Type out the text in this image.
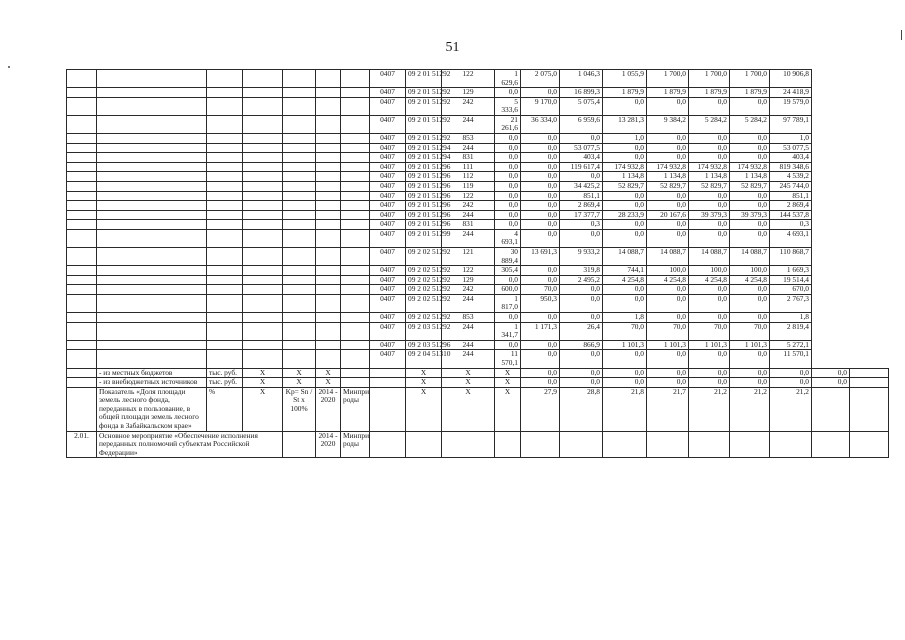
51
							0407	09 2 01 51292	122	1 629,6	2 075,0	1 046,3	1 055,9	1 700,0	1 700,0	1 700,0	10 906,8		
							0407	09 2 01 51292	129	0,0	0,0	16 899,3	1 879,9	1 879,9	1 879,9	1 879,9	24 418,9		
							0407	09 2 01 51292	242	5 333,6	9 170,0	5 075,4	0,0	0,0	0,0	0,0	19 579,0		
							0407	09 2 01 51292	244	21 261,6	36 334,0	6 959,6	13 281,3	9 384,2	5 284,2	5 284,2	97 789,1		
							0407	09 2 01 51292	853	0,0	0,0	0,0	1,0	0,0	0,0	0,0	1,0		
							0407	09 2 01 51294	244	0,0	0,0	53 077,5	0,0	0,0	0,0	0,0	53 077,5		
							0407	09 2 01 51294	831	0,0	0,0	403,4	0,0	0,0	0,0	0,0	403,4		
							0407	09 2 01 51296	111	0,0	0,0	119 617,4	174 932,8	174 932,8	174 932,8	174 932,8	819 348,6		
							0407	09 2 01 51296	112	0,0	0,0	0,0	1 134,8	1 134,8	1 134,8	1 134,8	4 539,2		
							0407	09 2 01 51296	119	0,0	0,0	34 425,2	52 829,7	52 829,7	52 829,7	52 829,7	245 744,0		
							0407	09 2 01 51296	122	0,0	0,0	851,1	0,0	0,0	0,0	0,0	851,1		
							0407	09 2 01 51296	242	0,0	0,0	2 869,4	0,0	0,0	0,0	0,0	2 869,4		
							0407	09 2 01 51296	244	0,0	0,0	17 377,7	28 233,9	20 167,6	39 379,3	39 379,3	144 537,8		
							0407	09 2 01 51296	831	0,0	0,0	0,3	0,0	0,0	0,0	0,0	0,3		
							0407	09 2 01 51299	244	4 693,1	0,0	0,0	0,0	0,0	0,0	0,0	4 693,1		
							0407	09 2 02 51292	121	30 889,4	13 691,3	9 933,2	14 088,7	14 088,7	14 088,7	14 088,7	110 868,7		
							0407	09 2 02 51292	122	305,4	0,0	319,8	744,1	100,0	100,0	100,0	1 669,3		
							0407	09 2 02 51292	129	0,0	0,0	2 495,2	4 254,8	4 254,8	4 254,8	4 254,8	19 514,4		
							0407	09 2 02 51292	242	600,0	70,0	0,0	0,0	0,0	0,0	0,0	670,0		
							0407	09 2 02 51292	244	1 817,0	950,3	0,0	0,0	0,0	0,0	0,0	2 767,3		
							0407	09 2 02 51292	853	0,0	0,0	0,0	1,8	0,0	0,0	0,0	1,8		
							0407	09 2 03 51292	244	1 341,7	1 171,3	26,4	70,0	70,0	70,0	70,0	2 819,4		
							0407	09 2 03 51296	244	0,0	0,0	866,9	1 101,3	1 101,3	1 101,3	1 101,3	5 272,1		
							0407	09 2 04 51310	244	11 570,1	0,0	0,0	0,0	0,0	0,0	0,0	11 570,1		
	- из местных бюджетов	тыс. руб.	X	X	X			X	X	X	0,0	0,0	0,0	0,0	0,0	0,0	0,0	0,0	
	- из внебюджетных источников	тыс. руб.	X	X	X			X	X	X	0,0	0,0	0,0	0,0	0,0	0,0	0,0	0,0	
	Показатель «Доля площади земель лесного фонда, переданных в пользование, в общей площади земель лесного фонда в Забайкальском крае»	%	X	Kp= Sn / St x 100%	2014 - 2020	Минпри роды		X	X	X	27,9	28,8	21,8	21,7	21,2	21,2	21,2		
2.01.	Основное мероприятие «Обеспечение исполнения переданных полномочий субъектам Российской Федерации»				2014 - 2020	Минпри роды													
